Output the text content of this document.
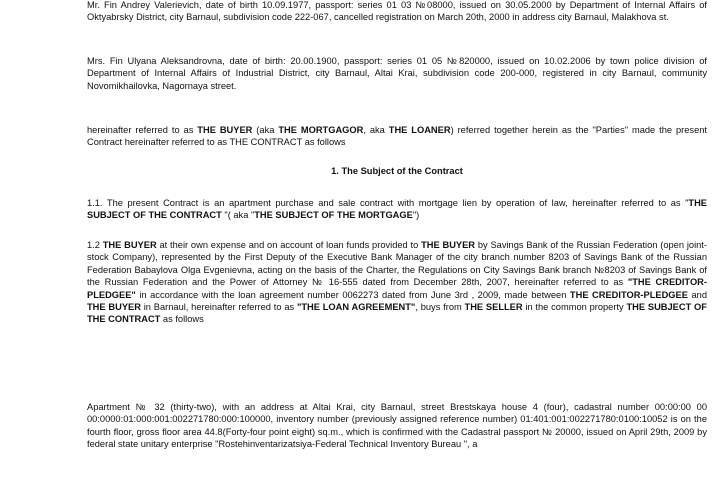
Mr. Fin Andrey Valerievich, date of birth 10.09.1977, passport: series 01 03 №08000, issued on 30.05.2000 by Department of Internal Affairs of Oktyabrsky District, city Barnaul, subdivision code 222-067, cancelled registration on March 20th, 2000 in address city Barnaul, Malakhova st.

Mrs. Fin Ulyana Aleksandrovna, date of birth: 20.00.1900, passport: series 01 05 №820000, issued on 10.02.2006 by town police division of Department of Internal Affairs of Industrial District, city Barnaul, Altai Krai, subdivision code 200-000, registered in city Barnaul, community Novomikhailovka, Nagornaya street.

hereinafter referred to as THE BUYER (aka THE MORTGAGOR, aka THE LOANER) referred together herein as the "Parties" made the present Contract hereinafter referred to as THE CONTRACT as follows

1. The Subject of the Contract

1.1. The present Contract is an apartment purchase and sale contract with mortgage lien by operation of law, hereinafter referred to as "THE SUBJECT OF THE CONTRACT "( aka "THE SUBJECT OF THE MORTGAGE")

1.2 THE BUYER at their own expense and on account of loan funds provided to THE BUYER by Savings Bank of the Russian Federation (open joint-stock Company), represented by the First Deputy of the Executive Bank Manager of the city branch number 8203 of Savings Bank of the Russian Federation Babaylova Olga Evgenievna, acting on the basis of the Charter, the Regulations on City Savings Bank branch №8203 of Savings Bank of the Russian Federation and the Power of Attorney № 16-555 dated from December 28th, 2007, hereinafter referred to as "THE CREDITOR-PLEDGEE" in accordance with the loan agreement number 0062273 dated from June 3rd , 2009, made between THE CREDITOR-PLEDGEE and THE BUYER in Barnaul, hereinafter referred to as "THE LOAN AGREEMENT", buys from THE SELLER in the common property THE SUBJECT OF THE CONTRACT as follows

Apartment № 32 (thirty-two), with an address at Altai Krai, city Barnaul, street Brestskaya house 4 (four), cadastral number 00:00:00 00 00:0000:01:000:001:002271780:000:100000, inventory number (previously assigned reference number) 01:401:001:002271780:0100:10052 is on the fourth floor, gross floor area 44.8(Forty-four point eight) sq.m., which is confirmed with the Cadastral passport № 20000, issued on April 29th, 2009 by federal state unitary enterprise "Rostehinventarizatsiya-Federal Technical Inventory Bureau ", a
